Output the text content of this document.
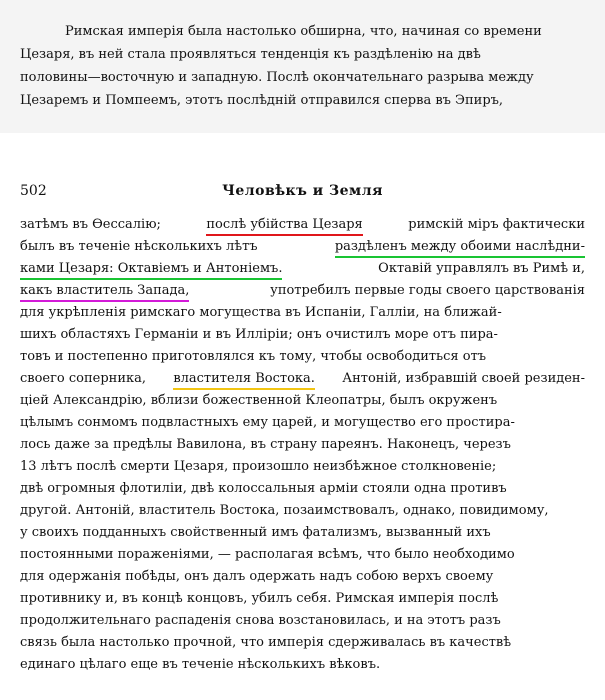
Римская имперія была настолько обширна, что, начиная со времени
Цезаря, въ ней стала проявляться тенденція къ раздѣленію на двѣ
половины—восточную и западную. Послѣ окончательнаго разрыва между
Цезаремъ и Помпеемъ, этотъ послѣдній отправился сперва въ Эпиръ,
502	Человѣкъ и Земля
затѣмъ въ Ѳессалію;	послѣ убійства Цезаря	римскій міръ фактически
былъ въ теченіе нѣсколькихъ лѣтъ	раздѣленъ между обоими наслѣдни-
ками Цезаря: Октавіемъ и Антоніемъ.	Октавій управлялъ въ Римѣ и,
какъ властитель Запада,	употребилъ первые годы своего царствованія
для укрѣпленія римскаго могущества въ Испаніи, Галліи, на ближай-
шихъ областяхъ Германіи и въ Илліріи; онъ очистилъ море отъ пира-
товъ и постепенно приготовлялся къ тому, чтобы освободиться отъ
своего соперника, властителя Востока. Антоній, избравшій своей резиден-
ціей Александрію, вблизи божественной Клеопатры, былъ окруженъ
цѣлымъ сонмомъ подвластныхъ ему царей, и могущество его простира-
лось даже за предѣлы Вавилона, въ страну пареянъ. Наконецъ, черезъ
13 лѣтъ послѣ смерти Цезаря, произошло неизбѣжное столкновеніе;
двѣ огромныя флотиліи, двѣ колоссальныя арміи стояли одна противъ
другой. Антоній, властитель Востока, позаимствовалъ, однако, повидимому,
у своихъ подданныхъ свойственный имъ фатализмъ, вызванный ихъ
постоянными пораженіями, — располагая всѣмъ, что было необходимо
для одержанія побѣды, онъ далъ одержать надъ собою верхъ своему
противнику и, въ концѣ концовъ, убилъ себя. Римская имперія послѣ
продолжительнаго распаденія снова возстановилась, и на этотъ разъ
связь была настолько прочной, что имперія сдерживалась въ качествѣ
единаго цѣлаго еще въ теченіе нѣсколькихъ вѣковъ.
